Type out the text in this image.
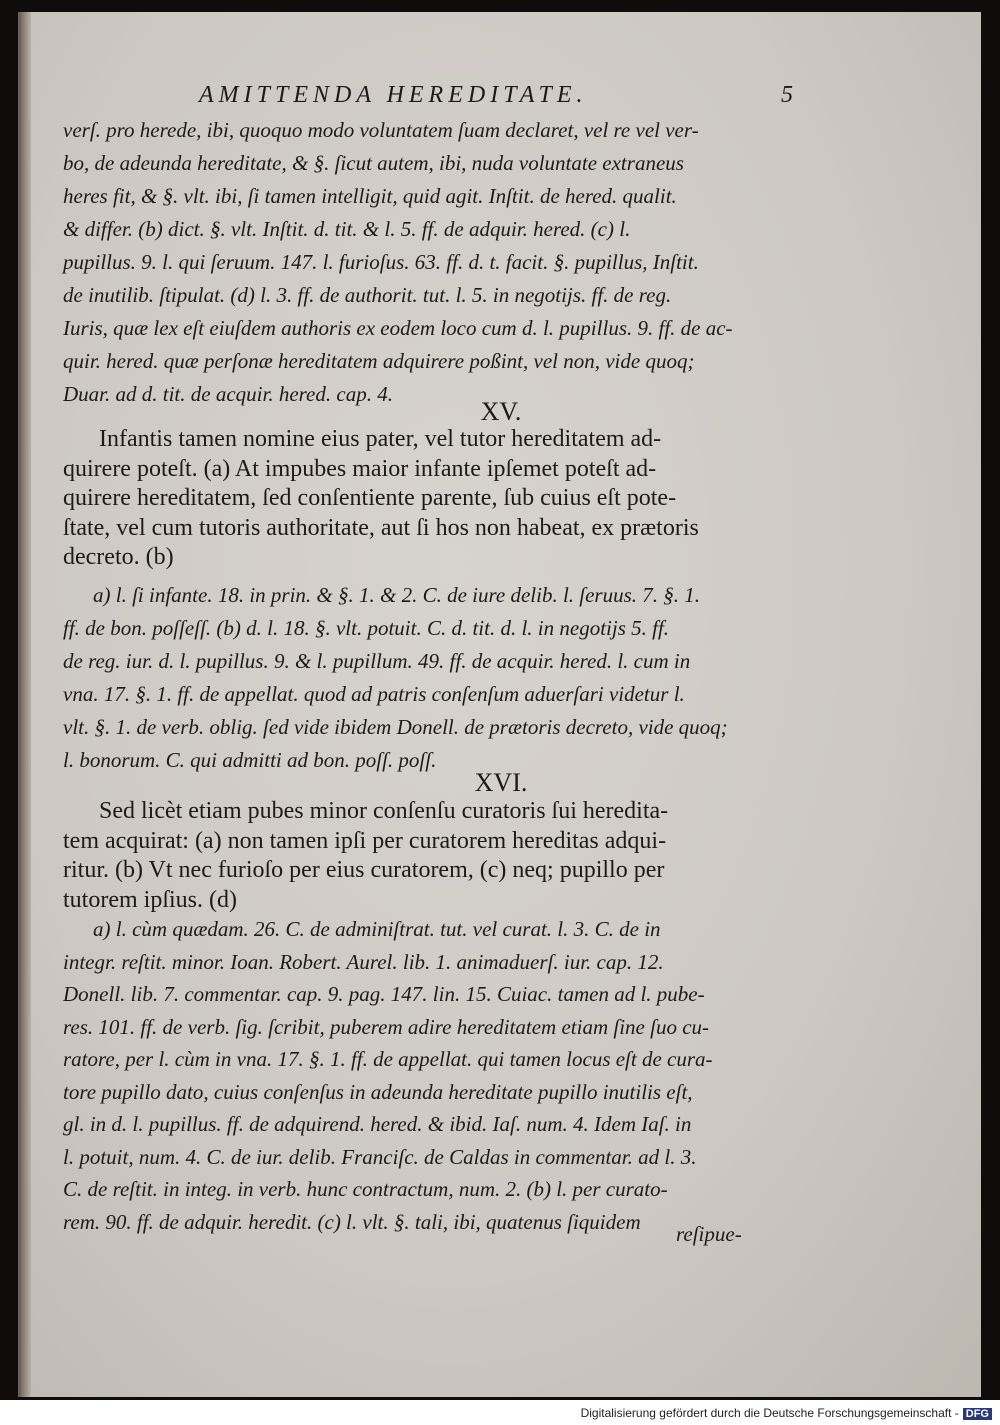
AMITTENDA HEREDITATE.	5
verſ. pro herede, ibi, quoquo modo voluntatem ſuam declaret, vel re vel ver-
bo, de adeunda hereditate, & §. ſicut autem, ibi, nuda voluntate extraneus
heres fit, & §. vlt. ibi, ſi tamen intelligit, quid agit. Inſtit. de hered. qualit.
& differ. (b) dict. §. vlt. Inſtit. d. tit. & l. 5. ff. de adquir. hered. (c) l.
pupillus. 9. l. qui ſeruum. 147. l. furioſus. 63. ff. d. t. facit. §. pupillus, Inſtit.
de inutilib. ſtipulat. (d) l. 3. ff. de authorit. tut. l. 5. in negotijs. ff. de reg.
Iuris, quæ lex eſt eiuſdem authoris ex eodem loco cum d. l. pupillus. 9. ff. de ac-
quir. hered. quæ perſonæ hereditatem adquirere poßint, vel non, vide quoq;
Duar. ad d. tit. de acquir. hered. cap. 4.
XV.
Infantis tamen nomine eius pater, vel tutor hereditatem ad-
quirere poteſt. (a) At impubes maior infante ipſemet poteſt ad-
quirere hereditatem, ſed conſentiente parente, ſub cuius eſt pote-
ſtate, vel cum tutoris authoritate, aut ſi hos non habeat, ex prætoris
decreto. (b)
a) l. ſi infante. 18. in prin. & §. 1. & 2. C. de iure delib. l. ſeruus. 7. §. 1.
ff. de bon. poſſeſſ. (b) d. l. 18. §. vlt. potuit. C. d. tit. d. l. in negotijs 5. ff.
de reg. iur. d. l. pupillus. 9. & l. pupillum. 49. ff. de acquir. hered. l. cum in
vna. 17. §. 1. ff. de appellat. quod ad patris conſenſum aduerſari videtur l.
vlt. §. 1. de verb. oblig. ſed vide ibidem Donell. de prætoris decreto, vide quoq;
l. bonorum. C. qui admitti ad bon. poſſ. poſſ.
XVI.
Sed licèt etiam pubes minor conſenſu curatoris ſui heredita-
tem acquirat: (a) non tamen ipſi per curatorem hereditas adqui-
ritur. (b) Vt nec furioſo per eius curatorem, (c) neq; pupillo per
tutorem ipſius. (d)
a) l. cùm quædam. 26. C. de adminiſtrat. tut. vel curat. l. 3. C. de in
integr. reſtit. minor. Ioan. Robert. Aurel. lib. 1. animaduerſ. iur. cap. 12.
Donell. lib. 7. commentar. cap. 9. pag. 147. lin. 15. Cuiac. tamen ad l. pube-
res. 101. ff. de verb. ſig. ſcribit, puberem adire hereditatem etiam ſine ſuo cu-
ratore, per l. cùm in vna. 17. §. 1. ff. de appellat. qui tamen locus eſt de cura-
tore pupillo dato, cuius conſenſus in adeunda hereditate pupillo inutilis eſt,
gl. in d. l. pupillus. ff. de adquirend. hered. & ibid. Iaſ. num. 4. Idem Iaſ. in
l. potuit, num. 4. C. de iur. delib. Franciſc. de Caldas in commentar. ad l. 3.
C. de reſtit. in integ. in verb. hunc contractum, num. 2. (b) l. per curato-
rem. 90. ff. de adquir. heredit. (c) l. vlt. §. tali, ibi, quatenus ſiquidem
reſipue-
Digitalisierung gefördert durch die Deutsche Forschungsgemeinschaft - DFG
